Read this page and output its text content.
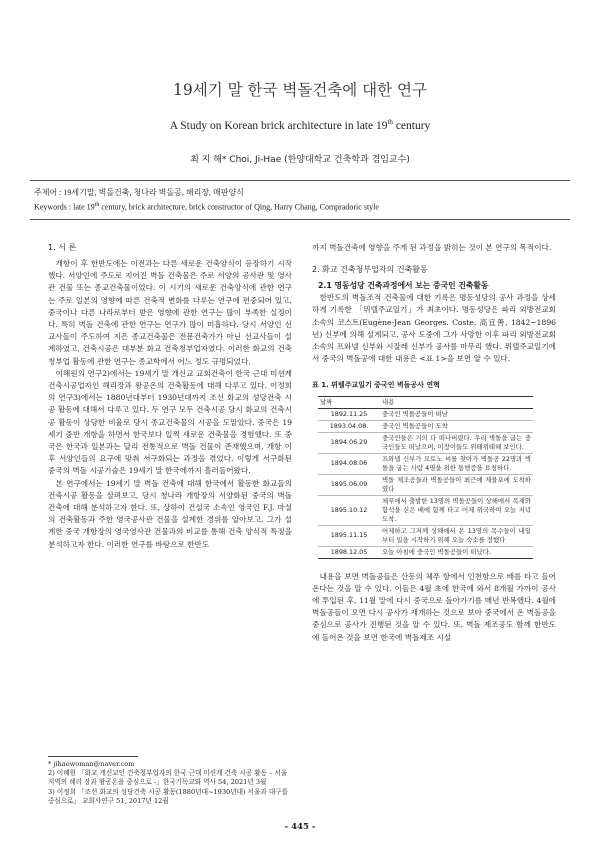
19세기 말 한국 벽돌건축에 대한 연구
A Study on Korean brick architecture in late 19th century
최 지 해* Choi, Ji-Hae (한양대학교 건축학과 겸임교수)
주제어 : 19세기말, 벽돌건축, 청나라 벽돌공, 해리장, 매판양식
Keywords : late 19th century, brick architecture, brick constructor of Qing, Harry Chang, Compradoric style
1. 서 론

개항이 후 한반도에는 이전과는 다른 새로운 건축양식이 등장하기 시작했다. 서양인에 주도로 지어진 벽돌 건축물은 주로 서양의 공사관 및 영사관 건물 또는 종교건축물이었다. 이 시기의 새로운 건축양식에 관한 연구는 주로 일본의 영향에 따른 건축적 변화를 다루는 연구에 편중되어 있고, 중국이나 다른 나라로부터 받은 영향에 관한 연구는 많이 부족한 실정이다. 특히 벽돌 건축에 관한 연구는 연구가 많이 미흡하다. 당시 서양인 선교사들이 주도하여 지은 종교건축물은 전문건축가가 아닌 선교사들이 설계하였고, 건축시공은 대부분 화교 건축청부업자였다. 이러한 화교의 건축청부업 활동에 관한 연구는 종교학에서 어느 정도 규명되었다.

이혜원의 연구2)에서는 19세기 말 개신교 교회건축이 한국 근대 미션계 건축시공업자인 해리장과 왕공온의 건축활동에 대해 다루고 있다. 이정희의 연구3)에서는 1880년대부터 1930년대까지 조선 화교의 성당건축 시공 활동에 대해서 다루고 있다. 두 연구 모두 건축시공 당시 화교의 건축시공 활동이 상당한 비율로 당시 종교건축물의 시공을 도맡았다. 중국은 19세기 중반 개항을 하면서 한국보다 일찍 새로운 건축물을 경험했다. 또 중국은 한국과 일본과는 달리 전통적으로 벽돌 건물이 존재했으며, 개항 이후 서양인들의 요구에 맞춰 서구화되는 과정을 겪었다. 이렇게 서구화된 중국의 벽돌 시공기술은 19세기 말 한국에까지 흘러들어왔다.

본 연구에서는 19세기 말 벽돌 건축에 대해 한국에서 활동한 화교들의 건축시공 활동을 살펴보고, 당시 청나라 개항장의 서양화된 중국의 벽돌 건축에 대해 분석하고자 한다. 또, 상하이 건설국 소속인 영국인 F.J. 마셜의 건축활동과 주한 영국공사관 건물을 설계한 경위를 알아보고, 그가 설계한 중국 개항장의 영국영사관 건물과의 비교를 통해 건축 양식적 특징을 분석하고자 한다. 이러한 연구를 바탕으로 한반도

까지 벽돌건축에 영향을 주게 된 과정을 밝히는 것이 본 연구의 목적이다.

2. 화교 건축청부업자의 건축활동
2.1 명동성당 건축과정에서 보는 중국인 건축활동

한반도의 벽돌조적 건축물에 대한 기록은 명동성당의 공사 과정을 상세하게 기록한 「뮈텔주교일기」가 최초이다. 명동성당은 파리 외방전교회 소속의 코스트(Eugène-Jean Georges. Coste, 高宜善, 1842~1896년) 신부에 의해 설계되고, 공사 도중에 그가 사망한 이후 파리 외방전교회 소속의 프와넬 신부와 시잘레 신부가 공사를 마무리 했다. 뮈텔주교일기에서 중국의 벽돌공에 대한 내용은 <표 1>을 보면 알 수 있다.

표 1. 뮈텔주교일기 중국인 벽돌공사 연혁
날짜	내용
1892.11.25	중국인 벽돌공들이 떠남
1893.04.08.	중국인 벽돌공들이 도착
1894.06.29	중국인들은 거의 다 떠나버렸다. 우리 벽돌을 굽는 중국인들도 떠났으며, 미장이들도 위태위태해 보인다.
1894.08.06	프와넬 신부가 모토노 씨를 찾아가 벽돌공 22명과 벽돌을 굽는 사람 4명을 위한 통행증을 요청하다.
1895.06.09	벽돌 제조공들과 벽돌공들이 최근에 제물포에 도착하였다
1895.10.12	체푸에서 출발한 13명의 벽돌공들이 상해에서 목재와 함석을 싣은 배에 함께 타고 어제 위국하여 오늘 저녁 도착.
1895.11.15	어제하고 그저께 상해에서 온 13명의 목수들이 내일부터 일을 시작하기 위해 오늘 숙소를 정했다
1898.12.05	오늘 아침에 중국인 벽돌공들이 떠났다.

내용을 보면 벽돌공들은 산동의 체푸 항에서 인천항으로 배를 타고 들어온다는 것을 알 수 있다. 이들은 4월 초에 한국에 와서 8개월 가까이 공사에 투입된 후, 11월 말에 다시 중국으로 돌아가기를 매년 반복했다. 4월에 벽돌공들이 오면 다시 공사가 재개하는 것으로 보아 중국에서 온 벽돌공을 중심으로 공사가 진행된 것을 알 수 있다. 또, 벽돌 제조공도 함께 한반도에 들어온 것을 보면 한국에 벽돌제조 시설

* jihaewoman@naver.com
2) 이혜원 「화교 개신교인 건축청부업자의 한국 근대 미션계 건축 시공 활동 – 서울지역의 해리 장과 왕공온을 중심으로 -」한국기독교와 역사 54, 2021년 3월
3) 이정희 「조선 화교의 성당건축 시공 활동(1880년대~1930년대) 서울과 대구를 중심으로」 교회사연구 51, 2017년 12월
- 445 -
